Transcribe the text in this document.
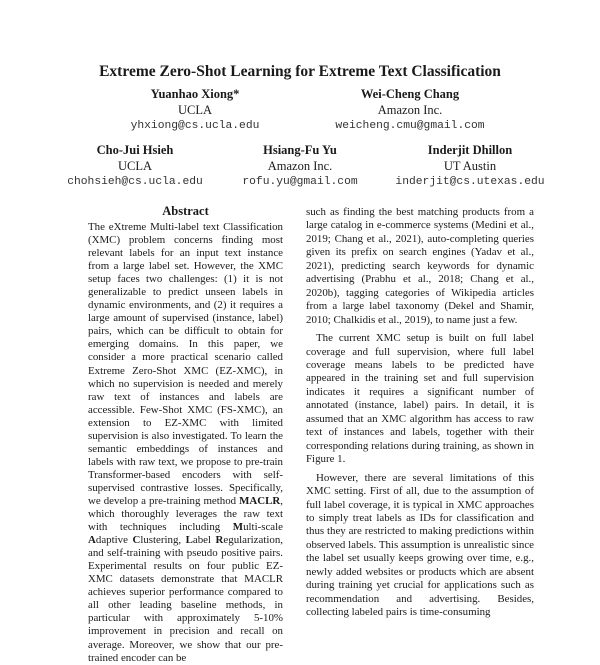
Extreme Zero-Shot Learning for Extreme Text Classification
Yuanhao Xiong*
UCLA
yhxiong@cs.ucla.edu
Wei-Cheng Chang
Amazon Inc.
weicheng.cmu@gmail.com
Cho-Jui Hsieh
UCLA
chohsieh@cs.ucla.edu
Hsiang-Fu Yu
Amazon Inc.
rofu.yu@gmail.com
Inderjit Dhillon
UT Austin
inderjit@cs.utexas.edu
Abstract
The eXtreme Multi-label text Classification (XMC) problem concerns finding most relevant labels for an input text instance from a large label set. However, the XMC setup faces two challenges: (1) it is not generalizable to predict unseen labels in dynamic environments, and (2) it requires a large amount of supervised (instance, label) pairs, which can be difficult to obtain for emerging domains. In this paper, we consider a more practical scenario called Extreme Zero-Shot XMC (EZ-XMC), in which no supervision is needed and merely raw text of instances and labels are accessible. Few-Shot XMC (FS-XMC), an extension to EZ-XMC with limited supervision is also investigated. To learn the semantic embeddings of instances and labels with raw text, we propose to pre-train Transformer-based encoders with self-supervised contrastive losses. Specifically, we develop a pre-training method MACLR, which thoroughly leverages the raw text with techniques including Multi-scale Adaptive Clustering, Label Regularization, and self-training with pseudo positive pairs. Experimental results on four public EZ-XMC datasets demonstrate that MACLR achieves superior performance compared to all other leading baseline methods, in particular with approximately 5-10% improvement in precision and recall on average. Moreover, we show that our pre-trained encoder can be

such as finding the best matching products from a large catalog in e-commerce systems (Medini et al., 2019; Chang et al., 2021), auto-completing queries given its prefix on search engines (Yadav et al., 2021), predicting search keywords for dynamic advertising (Prabhu et al., 2018; Chang et al., 2020b), tagging categories of Wikipedia articles from a large label taxonomy (Dekel and Shamir, 2010; Chalkidis et al., 2019), to name just a few.

The current XMC setup is built on full label coverage and full supervision, where full label coverage means labels to be predicted have appeared in the training set and full supervision indicates it requires a significant number of annotated (instance, label) pairs. In detail, it is assumed that an XMC algorithm has access to raw text of instances and labels, together with their corresponding relations during training, as shown in Figure 1.

However, there are several limitations of this XMC setting. First of all, due to the assumption of full label coverage, it is typical in XMC approaches to simply treat labels as IDs for classification and thus they are restricted to making predictions within observed labels. This assumption is unrealistic since the label set usually keeps growing over time, e.g., newly added websites or products which are absent during training yet crucial for applications such as recommendation and advertising. Besides, collecting labeled pairs is time-consuming
